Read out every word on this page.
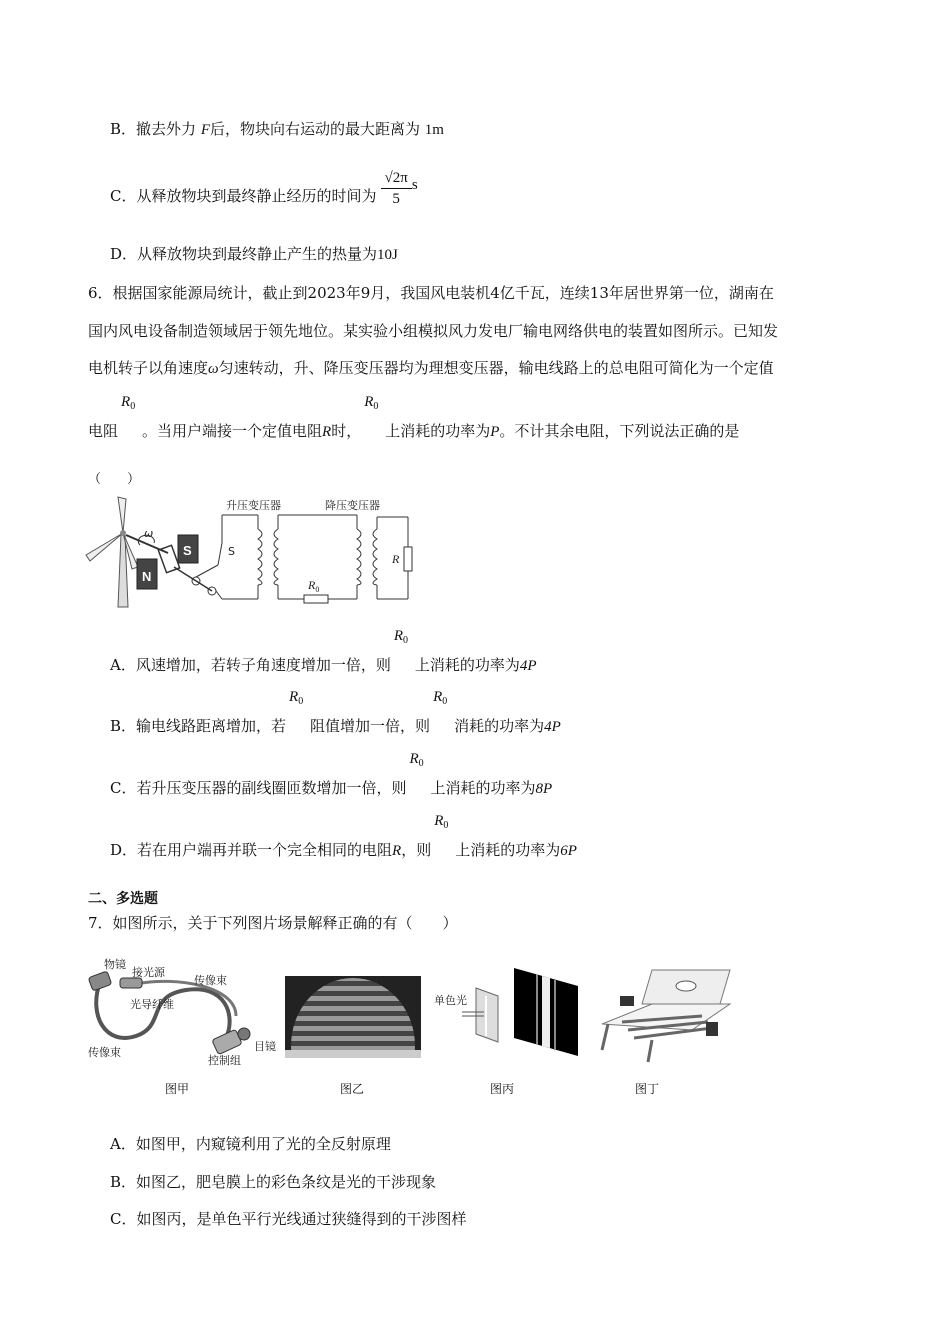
B．撤去外力 F后，物块向右运动的最大距离为 1m
C．从释放物块到最终静止经历的时间为 $\frac{√2\pi}{5}$ s
D．从释放物块到最终静止产生的热量为10J
6．根据国家能源局统计，截止到2023年9月，我国风电装机4亿千瓦，连续13年居世界第一位，湖南在
国内风电设备制造领域居于领先地位。某实验小组模拟风力发电厂输电网络供电的装置如图所示。已知发
电机转子以角速度ω匀速转动，升、降压变压器均为理想变压器，输电线路上的总电阻可简化为一个定值
电阻
$R_0$
。当用户端接一个定值电阻R时，
$R_0$
上消耗的功率为P。不计其余电阻，下列说法正确的是
（　　）
ω
N
S	S
升压变压器
$R_0$
降压变压器
R
A．风速增加，若转子角速度增加一倍，则
$R_0$
上消耗的功率为4P
B．输电线路距离增加，若
$R_0$
阻值增加一倍，则
$R_0$
消耗的功率为4P
C．若升压变压器的副线圈匝数增加一倍，则
$R_0$
上消耗的功率为8P
D．若在用户端再并联一个完全相同的电阻R，则
$R_0$
上消耗的功率为6P
二、多选题
7．如图所示，关于下列图片场景解释正确的有（　　）
物镜
接光源
传像束
光导纤维
传像束	目镜
控制组
图甲	图乙
单色光
图丙	图丁
A．如图甲，内窥镜利用了光的全反射原理
B．如图乙，肥皂膜上的彩色条纹是光的干涉现象
C．如图丙，是单色平行光线通过狭缝得到的干涉图样
